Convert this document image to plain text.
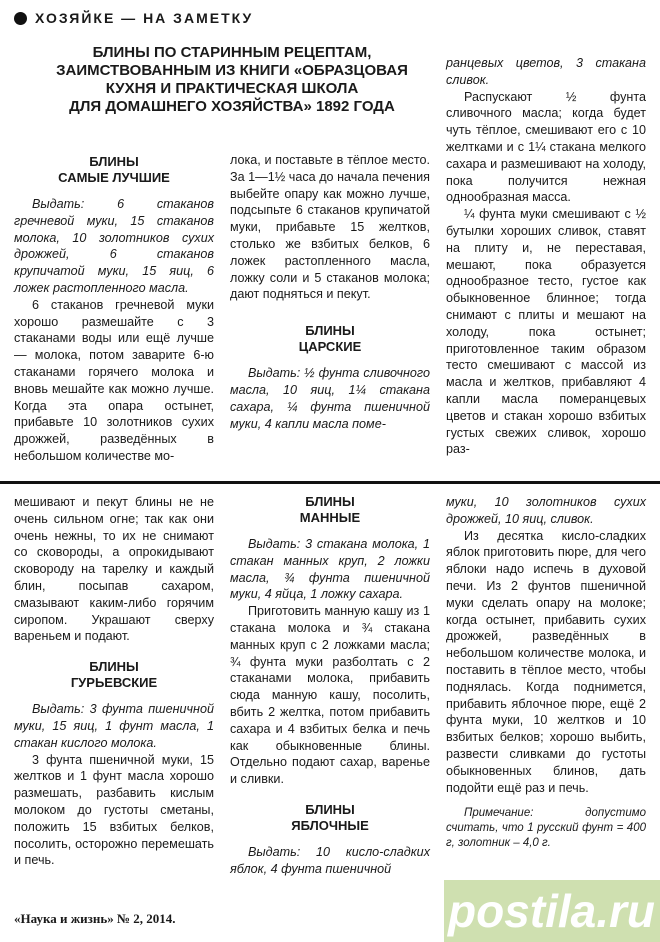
ХОЗЯЙКЕ — НА ЗАМЕТКУ
БЛИНЫ ПО СТАРИННЫМ РЕЦЕПТАМ,
ЗАИМСТВОВАННЫМ ИЗ КНИГИ «ОБРАЗЦОВАЯ
КУХНЯ И ПРАКТИЧЕСКАЯ ШКОЛА
ДЛЯ ДОМАШНЕГО ХОЗЯЙСТВА» 1892 ГОДА
БЛИНЫ
САМЫЕ ЛУЧШИЕ

Выдать: 6 стаканов гречневой муки, 15 стаканов молока, 10 золотников сухих дрожжей, 6 стаканов крупичатой муки, 15 яиц, 6 ложек растопленного масла.

6 стаканов гречневой муки хорошо размешайте с 3 стаканами воды или ещё лучше — молока, потом заварите 6-ю стаканами горячего молока и вновь мешайте как можно лучше. Когда эта опара остынет, прибавьте 10 золотников сухих дрожжей, разведённых в небольшом количестве мо-

лока, и поставьте в тёплое место. За 1—1½ часа до начала печения выбейте опару как можно лучше, подсыпьте 6 стаканов крупичатой муки, прибавьте 15 желтков, столько же взбитых белков, 6 ложек растопленного масла, ложку соли и 5 стаканов молока; дают подняться и пекут.

БЛИНЫ
ЦАРСКИЕ

Выдать: ½ фунта сливочного масла, 10 яиц, 1¼ стакана сахара, ¼ фунта пшеничной муки, 4 капли масла поме-

ранцевых цветов, 3 стакана сливок.

Распускают ½ фунта сливочного масла; когда будет чуть тёплое, смешивают его с 10 желтками и с 1¼ стакана мелкого сахара и размешивают на холоду, пока получится нежная однообразная масса.

¼ фунта муки смешивают с ½ бутылки хороших сливок, ставят на плиту и, не переставая, мешают, пока образуется однообразное тесто, густое как обыкновенное блинное; тогда снимают с плиты и мешают на холоду, пока остынет; приготовленное таким образом тесто смешивают с массой из масла и желтков, прибавляют 4 капли масла померанцевых цветов и стакан хорошо взбитых густых свежих сливок, хорошо раз-

мешивают и пекут блины не не очень сильном огне; так как они очень нежны, то их не снимают со сковороды, а опрокидывают сковороду на тарелку и каждый блин, посыпав сахаром, смазывают каким-либо горячим сиропом. Украшают сверху вареньем и подают.

БЛИНЫ
ГУРЬЕВСКИЕ

Выдать: 3 фунта пшеничной муки, 15 яиц, 1 фунт масла, 1 стакан кислого молока.

3 фунта пшеничной муки, 15 желтков и 1 фунт масла хорошо размешать, разбавить кислым молоком до густоты сметаны, положить 15 взбитых белков, посолить, осторожно перемешать и печь.

БЛИНЫ
МАННЫЕ

Выдать: 3 стакана молока, 1 стакан манных круп, 2 ложки масла, ¾ фунта пшеничной муки, 4 яйца, 1 ложку сахара.

Приготовить манную кашу из 1 стакана молока и ¾ стакана манных круп с 2 ложками масла; ¾ фунта муки разболтать с 2 стаканами молока, прибавить сюда манную кашу, посолить, вбить 2 желтка, потом прибавить сахара и 4 взбитых белка и печь как обыкновенные блины. Отдельно подают сахар, варенье и сливки.

БЛИНЫ
ЯБЛОЧНЫЕ

Выдать: 10 кисло-сладких яблок, 4 фунта пшеничной

муки, 10 золотников сухих дрожжей, 10 яиц, сливок.

Из десятка кисло-сладких яблок приготовить пюре, для чего яблоки надо испечь в духовой печи. Из 2 фунтов пшеничной муки сделать опару на молоке; когда остынет, прибавить сухих дрожжей, разведённых в небольшом количестве молока, и поставить в тёплое место, чтобы поднялась. Когда поднимется, прибавить яблочное пюре, ещё 2 фунта муки, 10 желтков и 10 взбитых белков; хорошо выбить, развести сливками до густоты обыкновенных блинов, дать подойти ещё раз и печь.

Примечание: допустимо считать, что 1 русский фунт = 400 г, золотник – 4,0 г.

«Наука и жизнь» № 2, 2014.	postila.ru
